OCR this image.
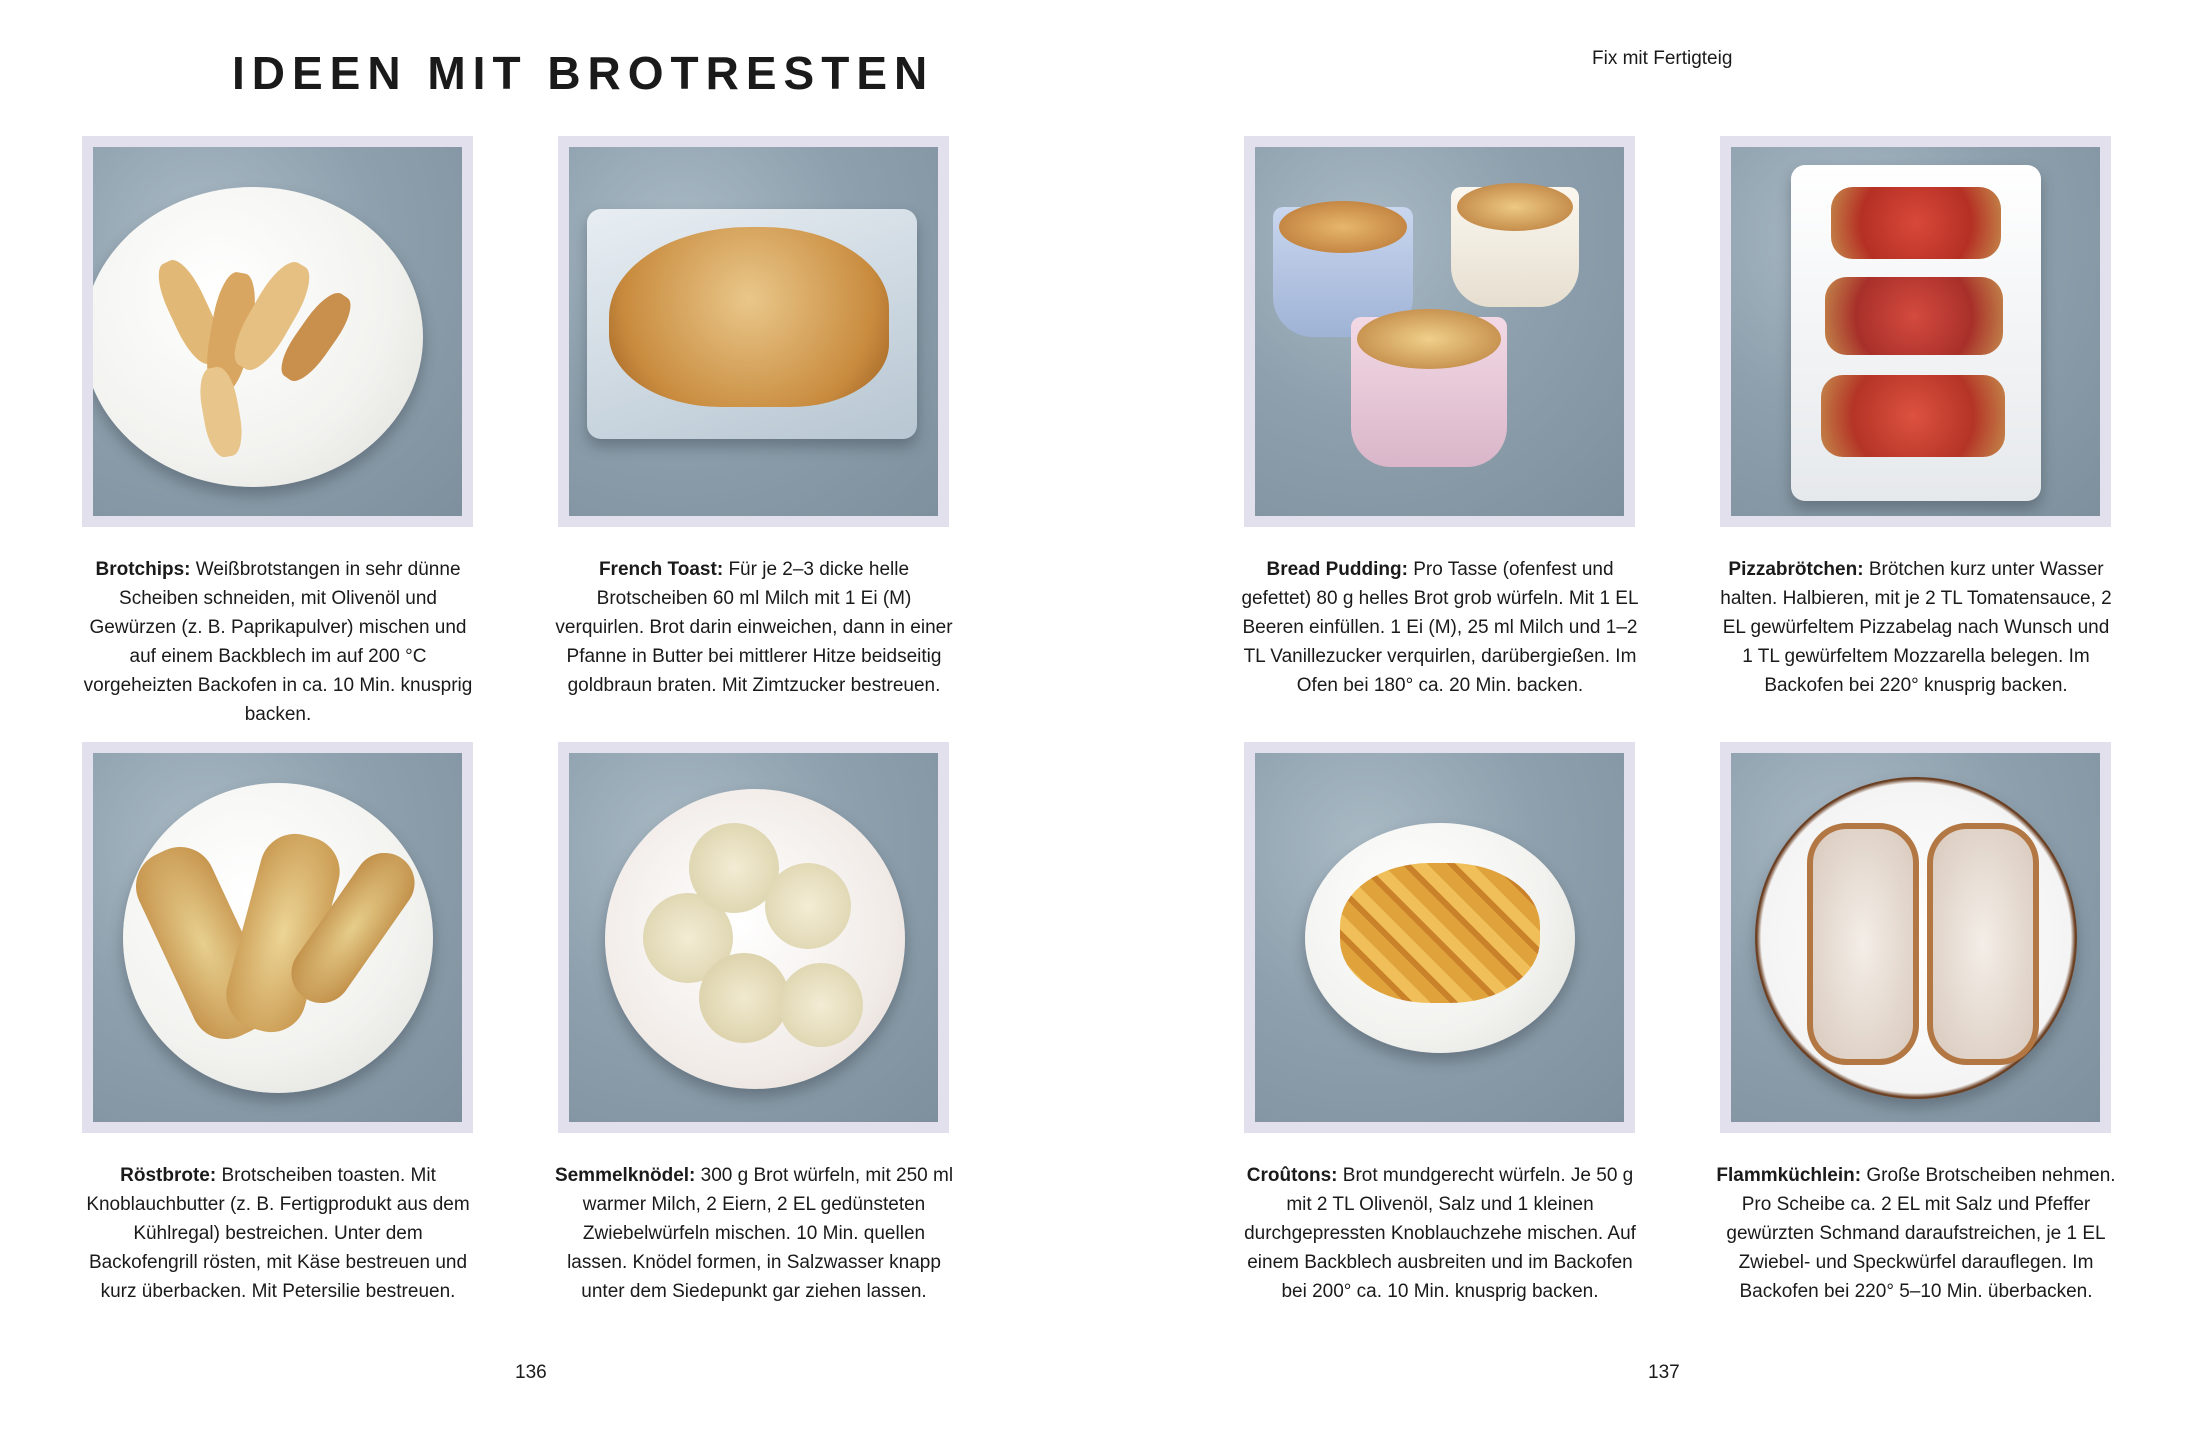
IDEEN MIT BROTRESTEN	Fix mit Fertigteig

Brotchips: Weißbrotstangen in sehr dünne Scheiben schneiden, mit Olivenöl und Gewürzen (z. B. Paprikapulver) mischen und auf einem Backblech im auf 200 °C vorgeheizten Backofen in ca. 10 Min. knusprig backen.

French Toast: Für je 2–3 dicke helle Brotscheiben 60 ml Milch mit 1 Ei (M) verquirlen. Brot darin einweichen, dann in einer Pfanne in Butter bei mittlerer Hitze beidseitig goldbraun braten. Mit Zimtzucker bestreuen.

Bread Pudding: Pro Tasse (ofenfest und gefettet) 80 g helles Brot grob würfeln. Mit 1 EL Beeren einfüllen. 1 Ei (M), 25 ml Milch und 1–2 TL Vanillezucker verquirlen, darübergießen. Im Ofen bei 180° ca. 20 Min. backen.

Pizzabrötchen: Brötchen kurz unter Wasser halten. Halbieren, mit je 2 TL Tomatensauce, 2 EL gewürfeltem Pizzabelag nach Wunsch und 1 TL gewürfeltem Mozzarella belegen. Im Backofen bei 220° knusprig backen.

Röstbrote: Brotscheiben toasten. Mit Knoblauchbutter (z. B. Fertigprodukt aus dem Kühlregal) bestreichen. Unter dem Backofengrill rösten, mit Käse bestreuen und kurz überbacken. Mit Petersilie bestreuen.

Semmelknödel: 300 g Brot würfeln, mit 250 ml warmer Milch, 2 Eiern, 2 EL gedünsteten Zwiebelwürfeln mischen. 10 Min. quellen lassen. Knödel formen, in Salzwasser knapp unter dem Siedepunkt gar ziehen lassen.

Croûtons: Brot mundgerecht würfeln. Je 50 g mit 2 TL Olivenöl, Salz und 1 kleinen durchgepressten Knoblauchzehe mischen. Auf einem Backblech ausbreiten und im Backofen bei 200° ca. 10 Min. knusprig backen.

Flammküchlein: Große Brotscheiben nehmen. Pro Scheibe ca. 2 EL mit Salz und Pfeffer gewürzten Schmand daraufstreichen, je 1 EL Zwiebel- und Speckwürfel darauflegen. Im Backofen bei 220° 5–10 Min. überbacken.

136	137
